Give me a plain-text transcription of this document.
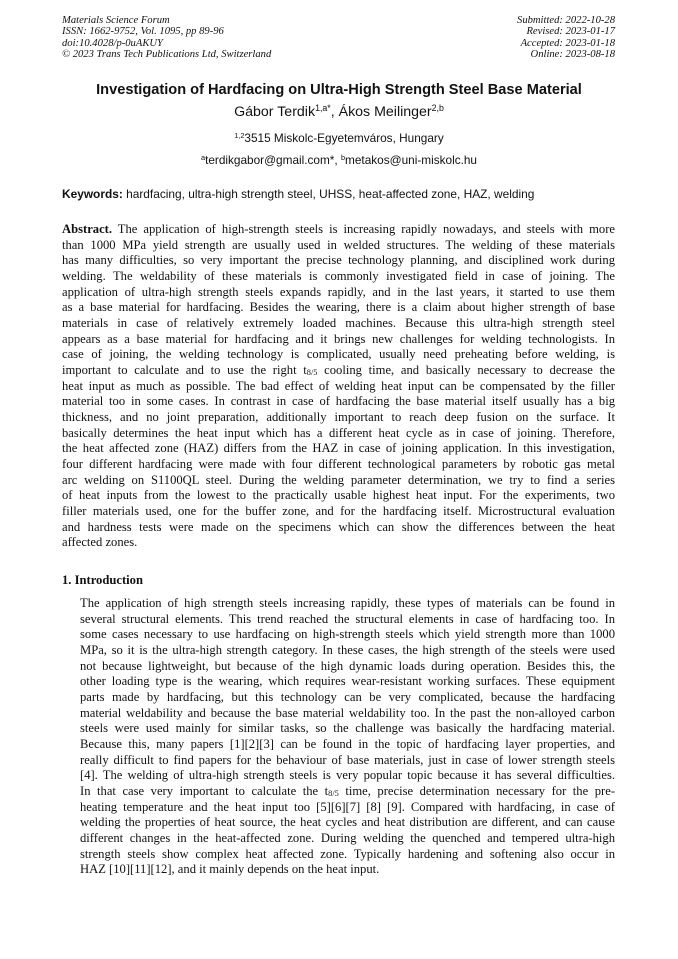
Materials Science Forum
ISSN: 1662-9752, Vol. 1095, pp 89-96
doi:10.4028/p-0uAKUY
© 2023 Trans Tech Publications Ltd, Switzerland
Submitted: 2022-10-28
Revised: 2023-01-17
Accepted: 2023-01-18
Online: 2023-08-18
Investigation of Hardfacing on Ultra-High Strength Steel Base Material
Gábor Terdik$^{1,a*}$, Ákos Meilinger$^{2,b}$
$^{1,2}$3515 Miskolc-Egyetemváros, Hungary
$^a$terdikgabor@gmail.com*, $^b$metakos@uni-miskolc.hu
Keywords: hardfacing, ultra-high strength steel, UHSS, heat-affected zone, HAZ, welding
Abstract. The application of high-strength steels is increasing rapidly nowadays, and steels with more
than 1000 MPa yield strength are usually used in welded structures. The welding of these materials
has many difficulties, so very important the precise technology planning, and disciplined work during
welding. The weldability of these materials is commonly investigated field in case of joining. The
application of ultra-high strength steels expands rapidly, and in the last years, it started to use them
as a base material for hardfacing. Besides the wearing, there is a claim about higher strength of base
materials in case of relatively extremely loaded machines. Because this ultra-high strength steel
appears as a base material for hardfacing and it brings new challenges for welding technologists. In
case of joining, the welding technology is complicated, usually need preheating before welding, is
important to calculate and to use the right $t_{8/5}$ cooling time, and basically necessary to decrease the
heat input as much as possible. The bad effect of welding heat input can be compensated by the filler
material too in some cases. In contrast in case of hardfacing the base material itself usually has a big
thickness, and no joint preparation, additionally important to reach deep fusion on the surface. It
basically determines the heat input which has a different heat cycle as in case of joining. Therefore,
the heat affected zone (HAZ) differs from the HAZ in case of joining application. In this investigation,
four different hardfacing were made with four different technological parameters by robotic gas metal
arc welding on S1100QL steel. During the welding parameter determination, we try to find a series
of heat inputs from the lowest to the practically usable highest heat input. For the experiments, two
filler materials used, one for the buffer zone, and for the hardfacing itself. Microstructural evaluation
and hardness tests were made on the specimens which can show the differences between the heat
affected zones.
1. Introduction
The application of high strength steels increasing rapidly, these types of materials can be found in
several structural elements. This trend reached the structural elements in case of hardfacing too. In
some cases necessary to use hardfacing on high-strength steels which yield strength more than 1000
MPa, so it is the ultra-high strength category. In these cases, the high strength of the steels were used
not because lightweight, but because of the high dynamic loads during operation. Besides this, the
other loading type is the wearing, which requires wear-resistant working surfaces. These equipment
parts made by hardfacing, but this technology can be very complicated, because the hardfacing
material weldability and because the base material weldability too. In the past the non-alloyed carbon
steels were used mainly for similar tasks, so the challenge was basically the hardfacing material.
Because this, many papers [1][2][3] can be found in the topic of hardfacing layer properties, and
really difficult to find papers for the behaviour of base materials, just in case of lower strength steels
[4]. The welding of ultra-high strength steels is very popular topic because it has several difficulties.
In that case very important to calculate the $t_{8/5}$ time, precise determination necessary for the pre-
heating temperature and the heat input too [5][6][7] [8] [9]. Compared with hardfacing, in case of
welding the properties of heat source, the heat cycles and heat distribution are different, and can cause
different changes in the heat-affected zone. During welding the quenched and tempered ultra-high
strength steels show complex heat affected zone. Typically hardening and softening also occur in
HAZ [10][11][12], and it mainly depends on the heat input.
